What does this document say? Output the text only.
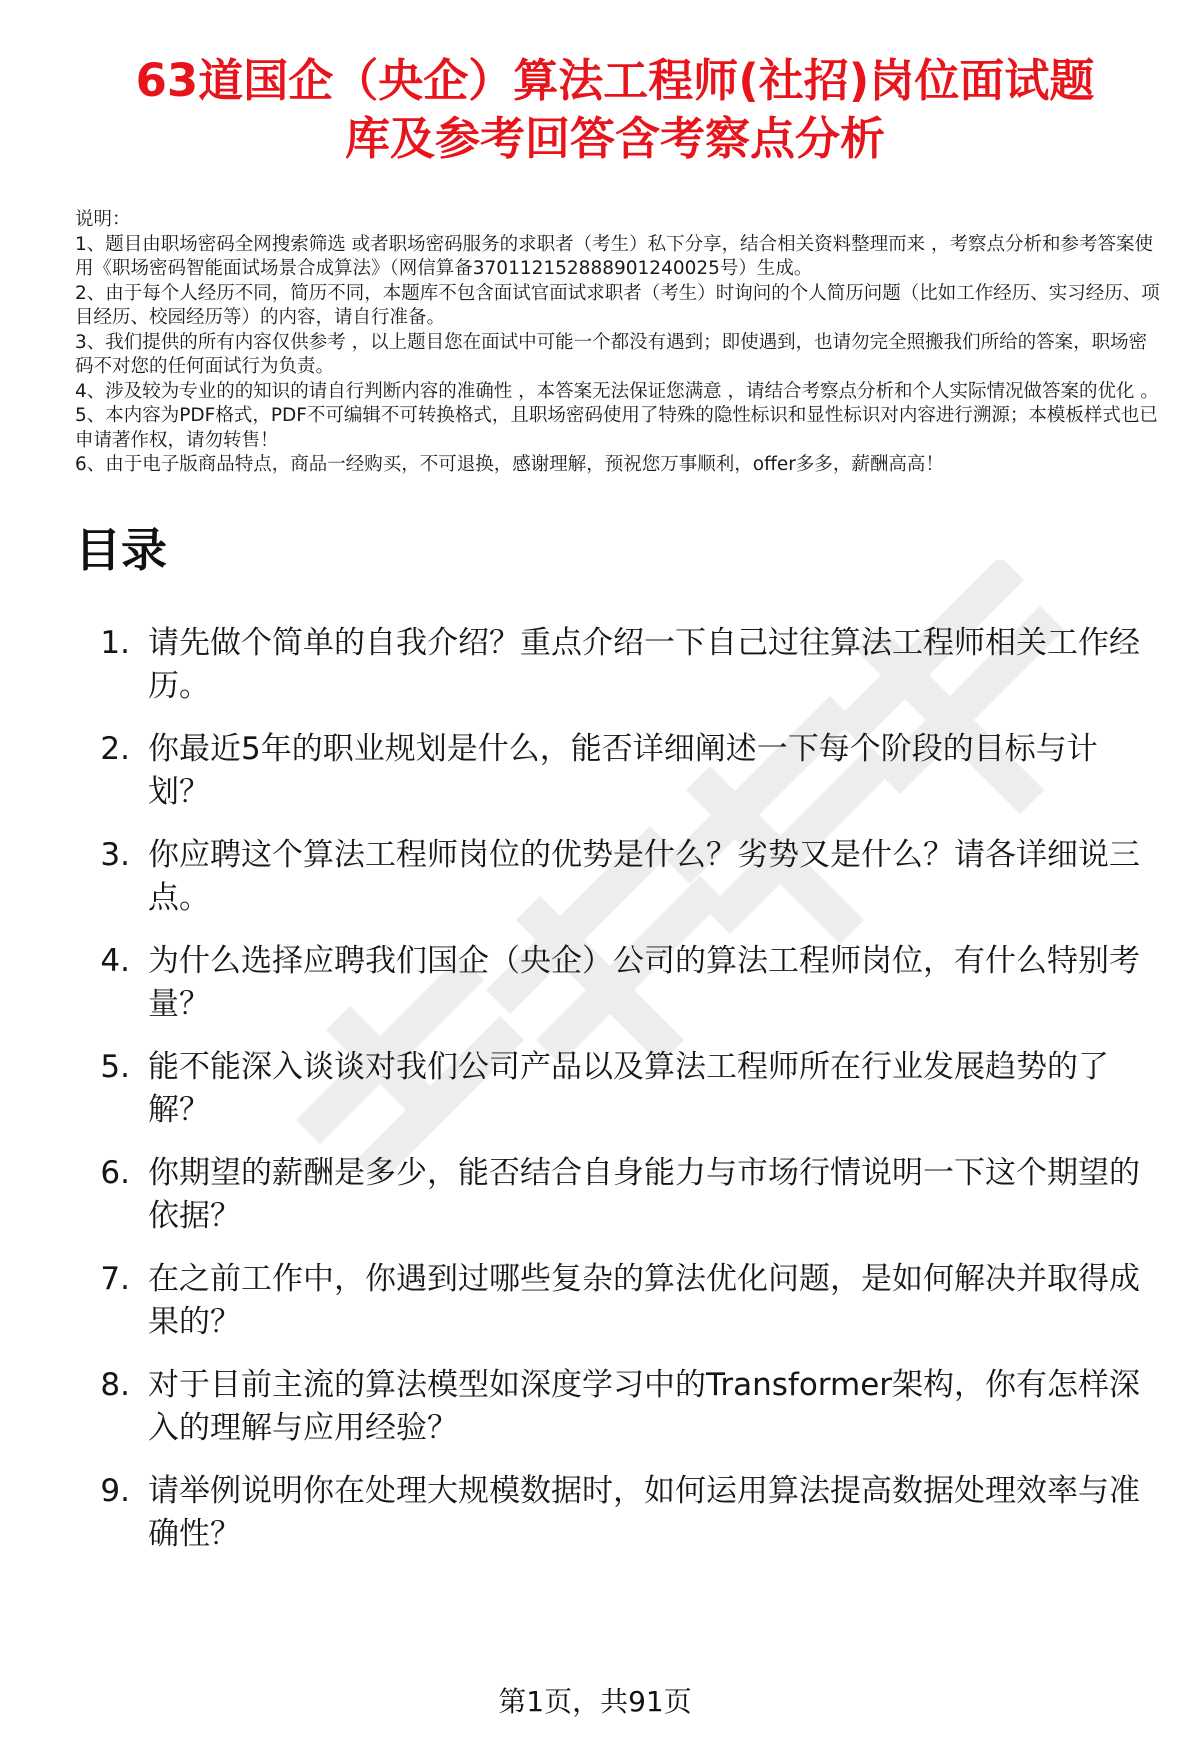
63道国企（央企）算法工程师(社招)岗位面试题
库及参考回答含考察点分析

说明：

1、题目由职场密码全网搜索筛选 或者职场密码服务的求职者（考生）私下分享，结合相关资料整理而来 ，考察点分析和参考答案使用《职场密码智能面试场景合成算法》（网信算备370112152888901240025号）生成。

2、由于每个人经历不同，简历不同，本题库不包含面试官面试求职者（考生）时询问的个人简历问题（比如工作经历、实习经历、项目经历、校园经历等）的内容，请自行准备。

3、我们提供的所有内容仅供参考 ，以上题目您在面试中可能一个都没有遇到；即使遇到，也请勿完全照搬我们所给的答案，职场密码不对您的任何面试行为负责。

4、涉及较为专业的的知识的请自行判断内容的准确性 ，本答案无法保证您满意 ，请结合考察点分析和个人实际情况做答案的优化 。

5、本内容为PDF格式，PDF不可编辑不可转换格式，且职场密码使用了特殊的隐性标识和显性标识对内容进行溯源；本模板样式也已申请著作权，请勿转售！

6、由于电子版商品特点，商品一经购买，不可退换，感谢理解，预祝您万事顺利，offer多多，薪酬高高！

目录
1. 请先做个简单的自我介绍？重点介绍一下自己过往算法工程师相关工作经历。
2. 你最近5年的职业规划是什么，能否详细阐述一下每个阶段的目标与计划？
3. 你应聘这个算法工程师岗位的优势是什么？劣势又是什么？请各详细说三点。
4. 为什么选择应聘我们国企（央企）公司的算法工程师岗位，有什么特别考量？
5. 能不能深入谈谈对我们公司产品以及算法工程师所在行业发展趋势的了解？
6. 你期望的薪酬是多少，能否结合自身能力与市场行情说明一下这个期望的依据？
7. 在之前工作中，你遇到过哪些复杂的算法优化问题，是如何解决并取得成果的？
8. 对于目前主流的算法模型如深度学习中的Transformer架构，你有怎样深入的理解与应用经验？
9. 请举例说明你在处理大规模数据时，如何运用算法提高数据处理效率与准确性？
第1页，共91页
